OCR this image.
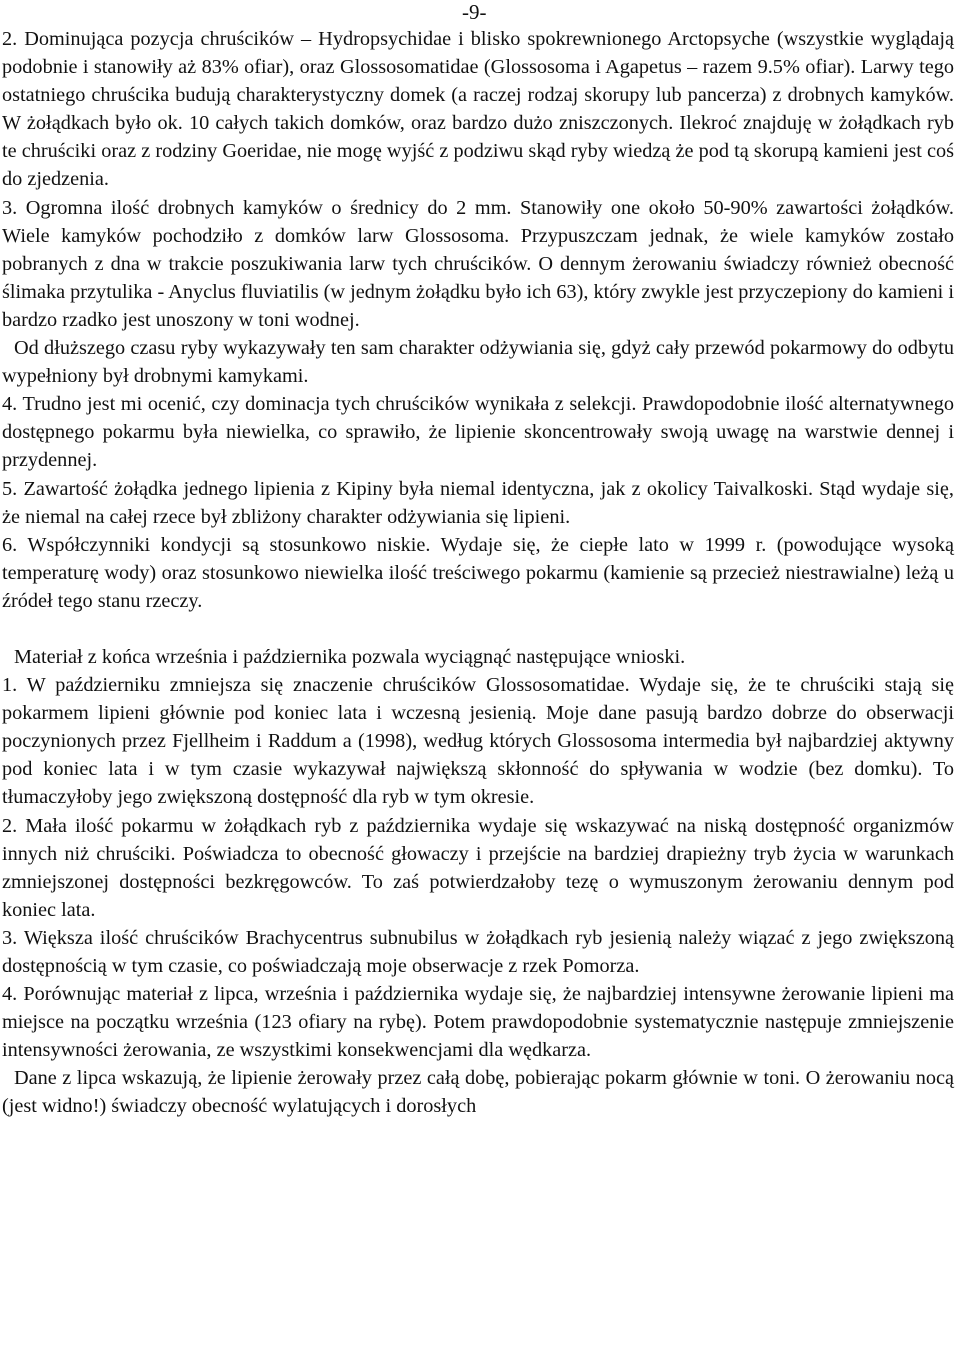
-9-

2. Dominująca pozycja chruścików – Hydropsychidae i blisko spokrewnionego Arctopsyche (wszystkie wyglądają podobnie i stanowiły aż 83% ofiar), oraz Glossosomatidae (Glossosoma i Agapetus – razem 9.5% ofiar). Larwy tego ostatniego chruścika budują charakterystyczny domek (a raczej rodzaj skorupy lub pancerza) z drobnych kamyków. W żołądkach było ok. 10 całych takich domków, oraz bardzo dużo zniszczonych. Ilekroć znajduję w żołądkach ryb te chruściki oraz z rodziny Goeridae, nie mogę wyjść z podziwu skąd ryby wiedzą że pod tą skorupą kamieni jest coś do zjedzenia.

3. Ogromna ilość drobnych kamyków o średnicy do 2 mm. Stanowiły one około 50-90% zawartości żołądków. Wiele kamyków pochodziło z domków larw Glossosoma. Przypuszczam jednak, że wiele kamyków zostało pobranych z dna w trakcie poszukiwania larw tych chruścików. O dennym żerowaniu świadczy również obecność ślimaka przytulika - Anyclus fluviatilis (w jednym żołądku było ich 63), który zwykle jest przyczepiony do kamieni i bardzo rzadko jest unoszony w toni wodnej.

Od dłuższego czasu ryby wykazywały ten sam charakter odżywiania się, gdyż cały przewód pokarmowy do odbytu wypełniony był drobnymi kamykami.

4. Trudno jest mi ocenić, czy dominacja tych chruścików wynikała z selekcji. Prawdopodobnie ilość alternatywnego dostępnego pokarmu była niewielka, co sprawiło, że lipienie skoncentrowały swoją uwagę na warstwie dennej i przydennej.

5. Zawartość żołądka jednego lipienia z Kipiny była niemal identyczna, jak z okolicy Taivalkoski. Stąd wydaje się, że niemal na całej rzece był zbliżony charakter odżywiania się lipieni.

6. Współczynniki kondycji są stosunkowo niskie. Wydaje się, że ciepłe lato w 1999 r. (powodujące wysoką temperaturę wody) oraz stosunkowo niewielka ilość treściwego pokarmu (kamienie są przecież niestrawialne) leżą u źródeł tego stanu rzeczy.

Materiał z końca września i października pozwala wyciągnąć następujące wnioski.

1. W październiku zmniejsza się znaczenie chruścików Glossosomatidae. Wydaje się, że te chruściki stają się pokarmem lipieni głównie pod koniec lata i wczesną jesienią. Moje dane pasują bardzo dobrze do obserwacji poczynionych przez Fjellheim i Raddum a (1998), według których Glossosoma intermedia był najbardziej aktywny pod koniec lata i w tym czasie wykazywał największą skłonność do spływania w wodzie (bez domku). To tłumaczyłoby jego zwiększoną dostępność dla ryb w tym okresie.

2. Mała ilość pokarmu w żołądkach ryb z października wydaje się wskazywać na niską dostępność organizmów innych niż chruściki. Poświadcza to obecność głowaczy i przejście na bardziej drapieżny tryb życia w warunkach zmniejszonej dostępności bezkręgowców. To zaś potwierdzałoby tezę o wymuszonym żerowaniu dennym pod koniec lata.

3. Większa ilość chruścików Brachycentrus subnubilus w żołądkach ryb jesienią należy wiązać z jego zwiększoną dostępnością w tym czasie, co poświadczają moje obserwacje z rzek Pomorza.

4. Porównując materiał z lipca, września i października wydaje się, że najbardziej intensywne żerowanie lipieni ma miejsce na początku września (123 ofiary na rybę). Potem prawdopodobnie systematycznie następuje zmniejszenie intensywności żerowania, ze wszystkimi konsekwencjami dla wędkarza.

Dane z lipca wskazują, że lipienie żerowały przez całą dobę, pobierając pokarm głównie w toni. O żerowaniu nocą (jest widno!) świadczy obecność wylatujących i dorosłych
